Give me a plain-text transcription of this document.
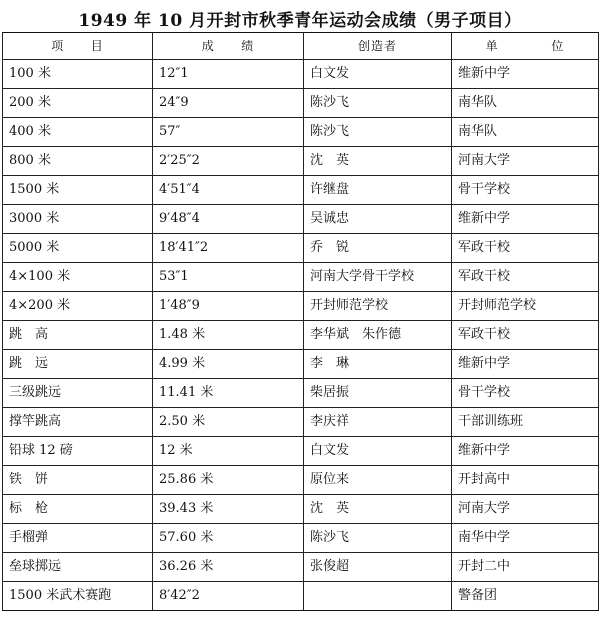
1949 年 10 月开封市秋季青年运动会成绩（男子项目）
项 目	成 绩	创造者	单 位
100 米	12″1	白文发	维新中学
200 米	24″9	陈沙飞	南华队
400 米	57″	陈沙飞	南华队
800 米	2′25″2	沈　英	河南大学
1500 米	4′51″4	许继盘	骨干学校
3000 米	9′48″4	吴诚忠	维新中学
5000 米	18′41″2	乔　锐	军政干校
4×100 米	53″1	河南大学骨干学校	军政干校
4×200 米	1′48″9	开封师范学校	开封师范学校
跳　高	1.48 米	李华斌　朱作德	军政干校
跳　远	4.99 米	李　琳	维新中学
三级跳远	11.41 米	柴居振	骨干学校
撑竿跳高	2.50 米	李庆祥	干部训练班
铅球 12 磅	12 米	白文发	维新中学
铁　饼	25.86 米	原位来	开封高中
标　枪	39.43 米	沈　英	河南大学
手榴弹	57.60 米	陈沙飞	南华中学
垒球掷远	36.26 米	张俊超	开封二中
1500 米武术赛跑	8′42″2		警备团
